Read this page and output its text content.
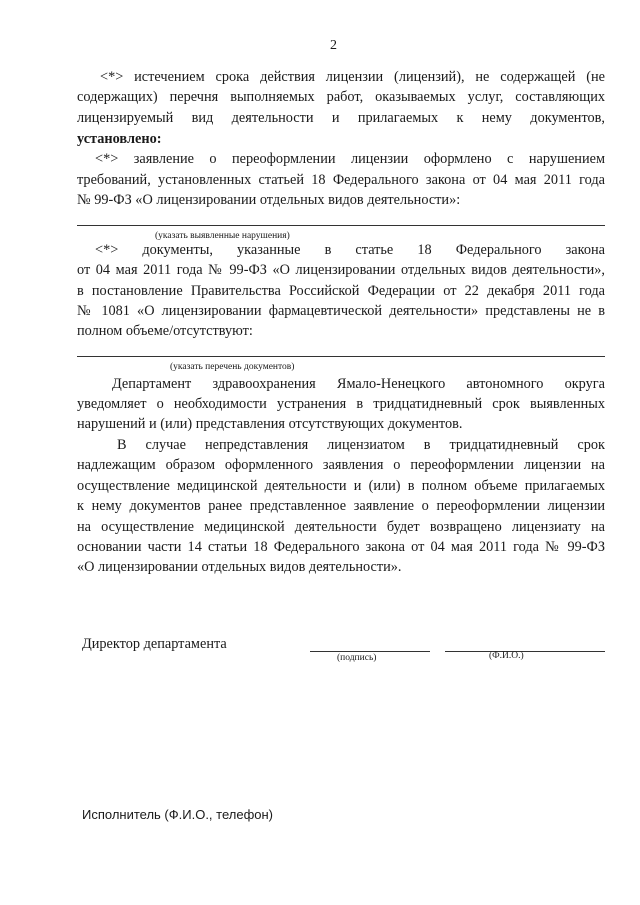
2
<*> истечением срока действия лицензии (лицензий), не содержащей (не
содержащих) перечня выполняемых работ, оказываемых услуг, составляющих
лицензируемый вид деятельности и прилагаемых к нему документов,
установлено:
<*> заявление о переоформлении лицензии оформлено с нарушением
требований, установленных статьей 18 Федерального закона от 04 мая 2011 года
№ 99-ФЗ «О лицензировании отдельных видов деятельности»:
(указать выявленные нарушения)
<*> документы, указанные в статье 18 Федерального закона
от 04 мая 2011 года № 99-ФЗ «О лицензировании отдельных видов деятельности»,
в постановление Правительства Российской Федерации от 22 декабря 2011 года
№ 1081 «О лицензировании фармацевтической деятельности» представлены не в
полном объеме/отсутствуют:
(указать перечень документов)
Департамент здравоохранения Ямало-Ненецкого автономного округа
уведомляет о необходимости устранения в тридцатидневный срок выявленных
нарушений и (или) представления отсутствующих документов.
В случае непредставления лицензиатом в тридцатидневный срок
надлежащим образом оформленного заявления о переоформлении лицензии на
осуществление медицинской деятельности и (или) в полном объеме прилагаемых
к нему документов ранее представленное заявление о переоформлении лицензии
на осуществление медицинской деятельности будет возвращено лицензиату на
основании части 14 статьи 18 Федерального закона от 04 мая 2011 года № 99-ФЗ
«О лицензировании отдельных видов деятельности».
Директор департамента
(подпись)	(Ф.И.О.)
Исполнитель (Ф.И.О., телефон)
